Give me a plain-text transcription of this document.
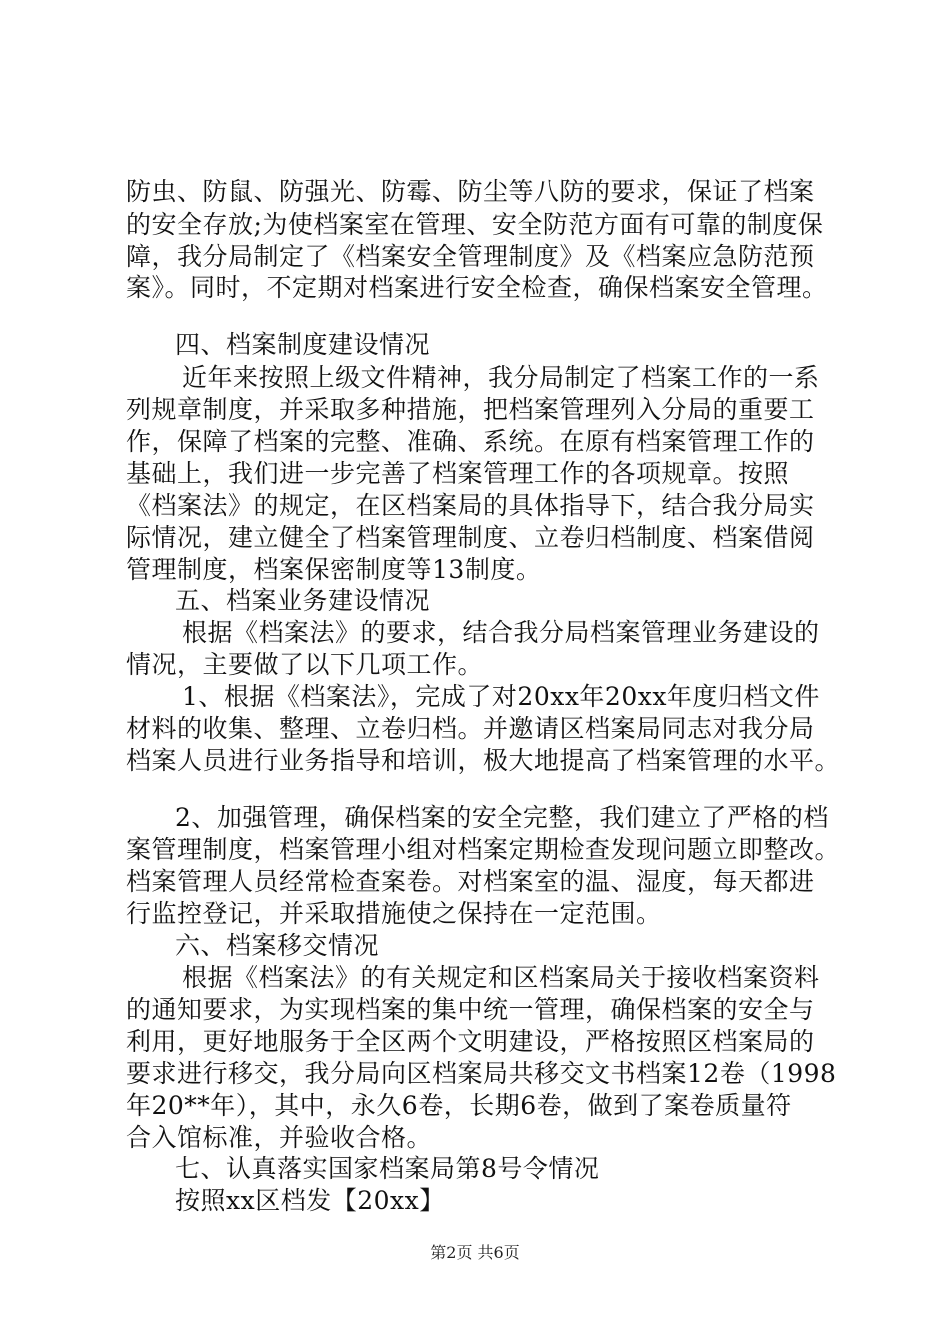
防虫、防鼠、防强光、防霉、防尘等八防的要求，保证了档案
的安全存放;为使档案室在管理、安全防范方面有可靠的制度保
障，我分局制定了《档案安全管理制度》及《档案应急防范预
案》。同时，不定期对档案进行安全检查，确保档案安全管理。
四、档案制度建设情况
近年来按照上级文件精神，我分局制定了档案工作的一系
列规章制度，并采取多种措施，把档案管理列入分局的重要工
作，保障了档案的完整、准确、系统。在原有档案管理工作的
基础上，我们进一步完善了档案管理工作的各项规章。按照
《档案法》的规定，在区档案局的具体指导下，结合我分局实
际情况，建立健全了档案管理制度、立卷归档制度、档案借阅
管理制度，档案保密制度等13制度。
五、档案业务建设情况
根据《档案法》的要求，结合我分局档案管理业务建设的
情况，主要做了以下几项工作。
1、根据《档案法》，完成了对20xx年20xx年度归档文件
材料的收集、整理、立卷归档。并邀请区档案局同志对我分局
档案人员进行业务指导和培训，极大地提高了档案管理的水平。
2、加强管理，确保档案的安全完整，我们建立了严格的档
案管理制度，档案管理小组对档案定期检查发现问题立即整改。
档案管理人员经常检查案卷。对档案室的温、湿度，每天都进
行监控登记，并采取措施使之保持在一定范围。
六、档案移交情况
根据《档案法》的有关规定和区档案局关于接收档案资料
的通知要求，为实现档案的集中统一管理，确保档案的安全与
利用，更好地服务于全区两个文明建设，严格按照区档案局的
要求进行移交，我分局向区档案局共移交文书档案12卷（1998
年20**年），其中，永久6卷，长期6卷，做到了案卷质量符
合入馆标准，并验收合格。
七、认真落实国家档案局第8号令情况
按照xx区档发【20xx】
第2页 共6页
